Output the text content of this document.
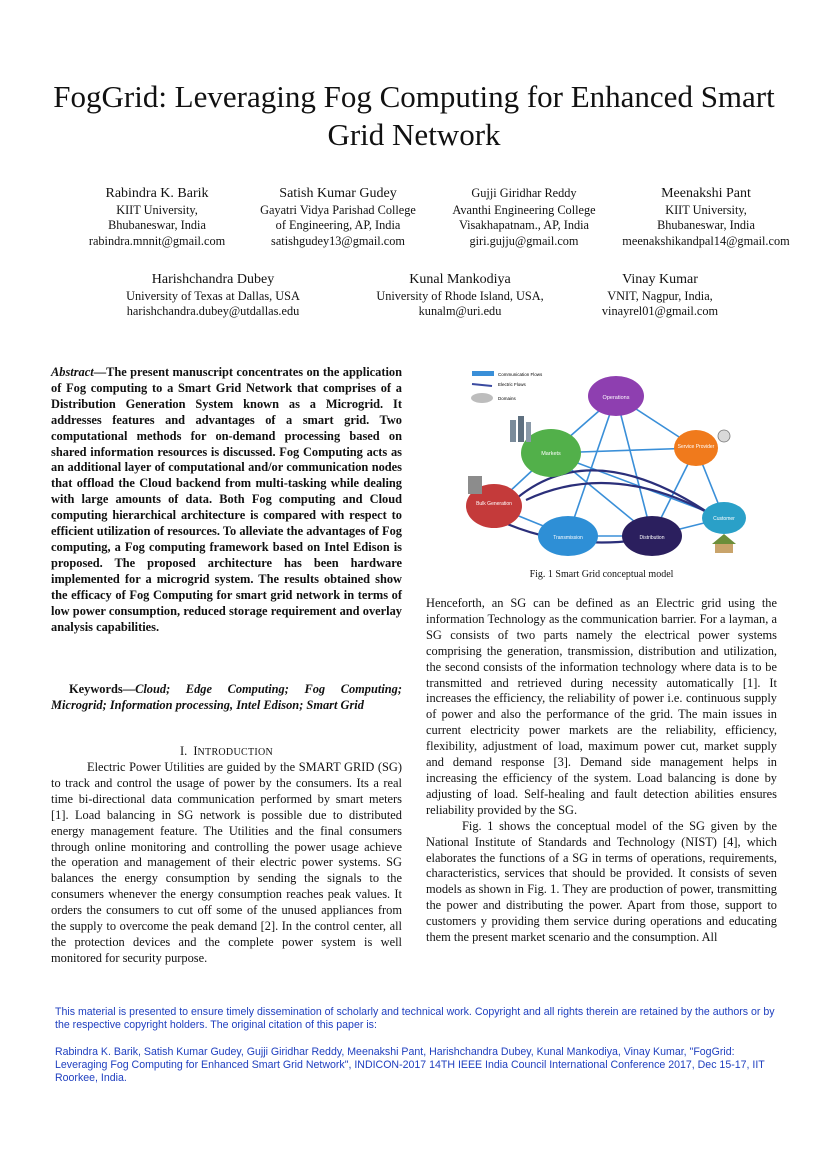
FogGrid: Leveraging Fog Computing for Enhanced Smart Grid Network
Rabindra K. Barik
KIIT University,
Bhubaneswar, India
rabindra.mnnit@gmail.com
Satish Kumar Gudey
Gayatri Vidya Parishad College
of Engineering, AP, India
satishgudey13@gmail.com
Gujji Giridhar Reddy
Avanthi Engineering College
Visakhapatnam., AP, India
giri.gujju@gmail.com
Meenakshi Pant
KIIT University,
Bhubaneswar, India
meenakshikandpal14@gmail.com
Harishchandra Dubey
University of Texas at Dallas, USA
harishchandra.dubey@utdallas.edu
Kunal Mankodiya
University of Rhode Island, USA,
kunalm@uri.edu
Vinay Kumar
VNIT, Nagpur, India,
vinayrel01@gmail.com

Abstract—The present manuscript concentrates on the application of Fog computing to a Smart Grid Network that comprises of a Distribution Generation System known as a Microgrid. It addresses features and advantages of a smart grid. Two computational methods for on-demand processing based on shared information resources is discussed. Fog Computing acts as an additional layer of computational and/or communication nodes that offload the Cloud backend from multi-tasking while dealing with large amounts of data. Both Fog computing and Cloud computing hierarchical architecture is compared with respect to efficient utilization of resources. To alleviate the advantages of Fog computing, a Fog computing framework based on Intel Edison is proposed. The proposed architecture has been hardware implemented for a microgrid system. The results obtained show the efficacy of Fog Computing for smart grid network in terms of low power consumption, reduced storage requirement and overlay analysis capabilities.

Keywords—Cloud; Edge Computing; Fog Computing; Microgrid; Information processing, Intel Edison; Smart Grid

I. INTRODUCTION

Electric Power Utilities are guided by the SMART GRID (SG) to track and control the usage of power by the consumers. Its a real time bi-directional data communication performed by smart meters [1]. Load balancing in SG network is possible due to distributed energy management feature. The Utilities and the final consumers through online monitoring and controlling the power usage achieve the operation and management of their electric power systems. SG balances the energy consumption by sending the signals to the consumers whenever the energy consumption reaches peak values. It orders the consumers to cut off some of the unused appliances from the supply to overcome the peak demand [2]. In the control center, all the protection devices and the complete power system is well monitored for security purpose.

Communication Flows
Electric Flows
Domains	Operations
Markets
Service Provider
Bulk Generation
Customer
Transmission	Distribution
Fig. 1 Smart Grid conceptual model

Henceforth, an SG can be defined as an Electric grid using the information Technology as the communication barrier. For a layman, a SG consists of two parts namely the electrical power systems comprising the generation, transmission, distribution and utilization, the second consists of the information technology where data is to be transmitted and retrieved during necessity automatically [1]. It increases the efficiency, the reliability of power i.e. continuous supply of power and also the performance of the grid. The main issues in current electricity power markets are the reliability, efficiency, flexibility, adjustment of load, maximum power cut, market supply and demand response [3]. Demand side management helps in increasing the efficiency of the system. Load balancing is done by adjusting of load. Self-healing and fault detection abilities ensures reliability provided by the SG.

Fig. 1 shows the conceptual model of the SG given by the National Institute of Standards and Technology (NIST) [4], which elaborates the functions of a SG in terms of operations, requirements, characteristics, services that should be provided. It consists of seven models as shown in Fig. 1. They are production of power, transmitting the power and distributing the power. Apart from those, support to customers y providing them service during operations and educating them the present market scenario and the consumption. All

This material is presented to ensure timely dissemination of scholarly and technical work. Copyright and all rights therein are retained by the authors or by the respective copyright holders. The original citation of this paper is:

Rabindra K. Barik, Satish Kumar Gudey, Gujji Giridhar Reddy, Meenakshi Pant, Harishchandra Dubey, Kunal Mankodiya, Vinay Kumar, "FogGrid: Leveraging Fog Computing for Enhanced Smart Grid Network", INDICON-2017 14TH IEEE India Council International Conference 2017, Dec 15-17, IIT Roorkee, India.
